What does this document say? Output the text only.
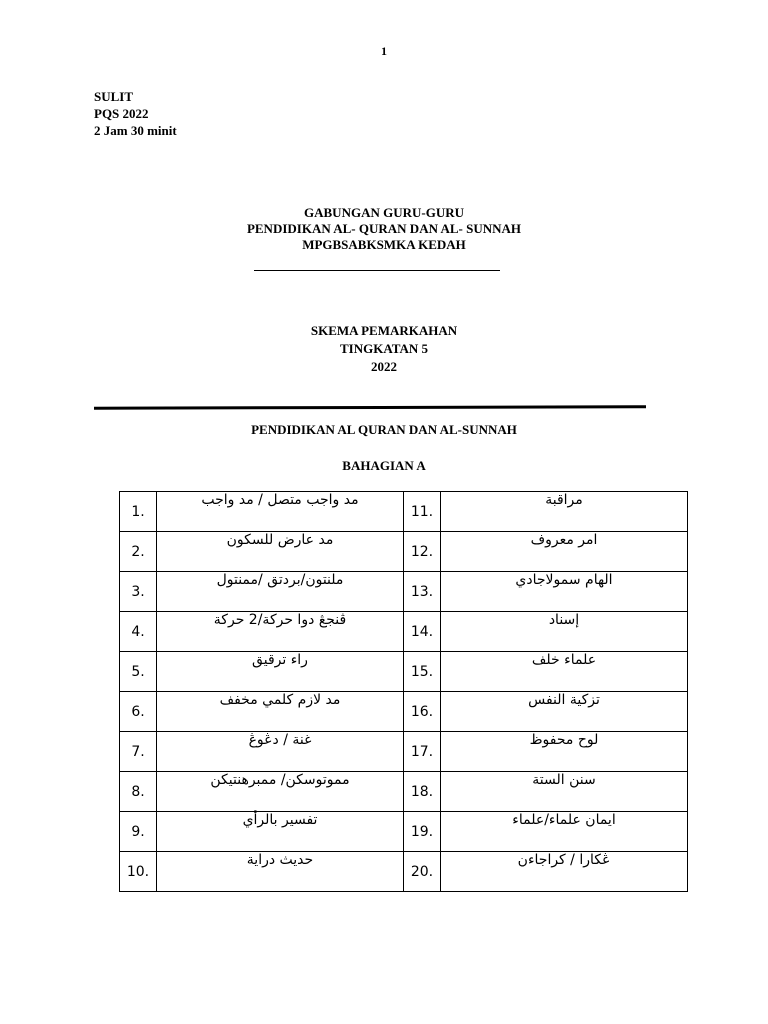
1
SULIT
PQS 2022
2 Jam 30 minit
GABUNGAN GURU-GURU
PENDIDIKAN AL- QURAN DAN AL- SUNNAH
MPGBSABKSMKA KEDAH
SKEMA PEMARKAHAN
TINGKATAN 5
2022
PENDIDIKAN AL QURAN DAN AL-SUNNAH
BAHAGIAN A
1.	مد واجب متصل / مد واجب	11.	مراقبة
2.	مد عارض للسكون	12.	امر معروف
3.	ملنتون/بردتق /ممنتول	13.	الهام سمولاجادي
4.	ڤنجڠ دوا حركة/2 حركة	14.	إسناد
5.	راء ترقيق	15.	علماء خلف
6.	مد لازم كلمي مخفف	16.	تزكية النفس
7.	غنة / دڠوڠ	17.	لوح محفوظ
8.	مموتوسكن/ ممبرهنتيكن	18.	سنن الستة
9.	تفسير بالرأي	19.	ايمان علماء/علماء
10.	حديث دراية	20.	ڠكارا / كراجاءن
